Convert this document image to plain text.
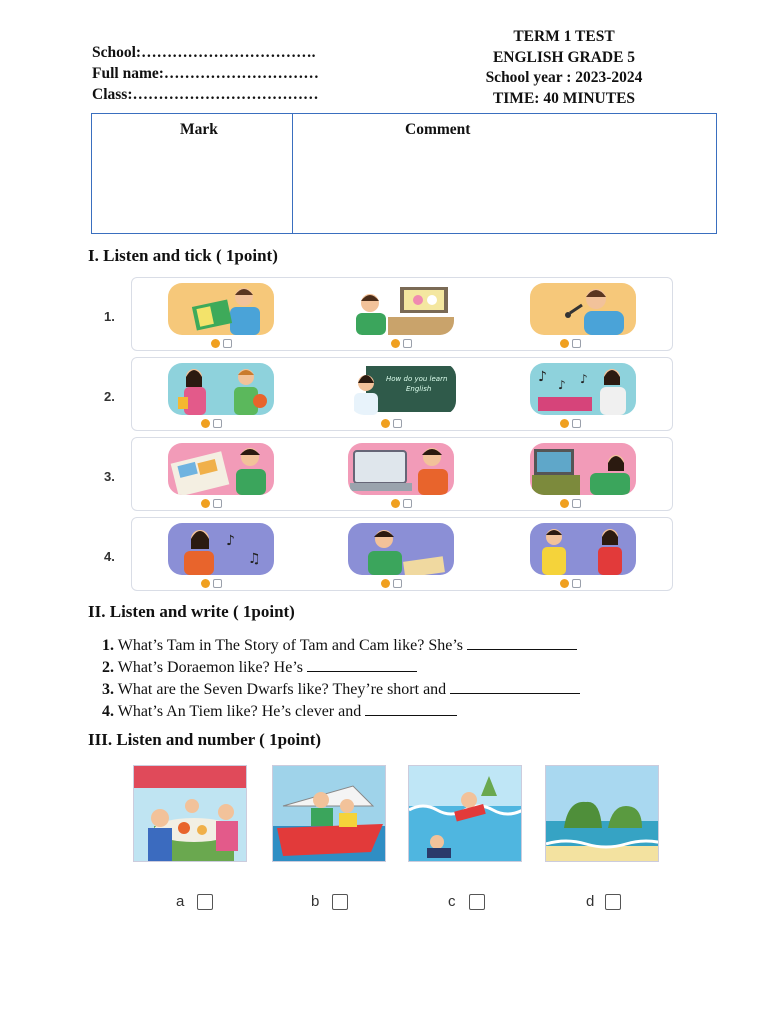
School:…………………………….
Full name:…………………………
Class:………………………………
TERM 1 TEST
ENGLISH GRADE 5
School year : 2023-2024
TIME: 40 MINUTES
Mark	Comment
I. Listen and tick ( 1point)
1.
2.
How do you learn
English
♪ ♪ ♪
3.
4.
♪
♫
II. Listen and write ( 1point)
1. What’s Tam in The Story of Tam and Cam like? She’s
2. What’s Doraemon like? He’s
3. What are the Seven Dwarfs like? They’re short and
4. What’s An Tiem like? He’s clever and
III. Listen and number ( 1point)
a	b	c	d
